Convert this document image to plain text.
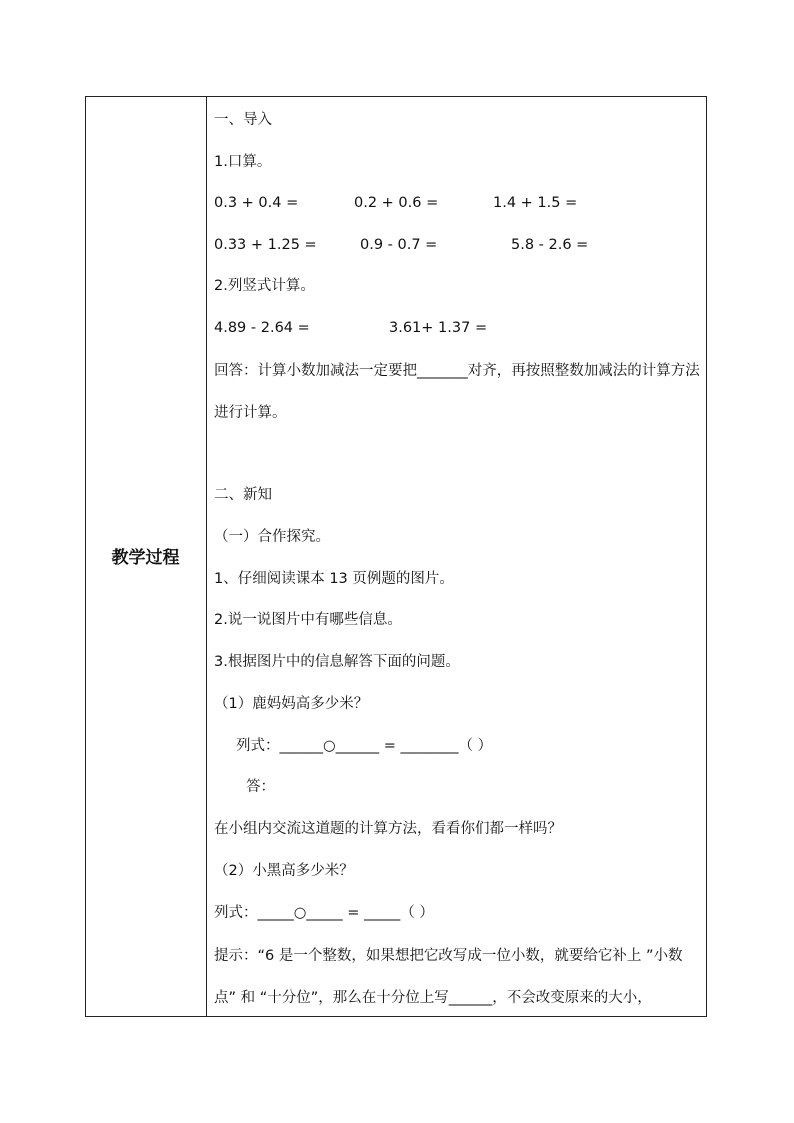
教学过程
一、导入
1.口算。
0.3 + 0.4 =	0.2 + 0.6 =	1.4 + 1.5 =
0.33 + 1.25 =	0.9 - 0.7 =	5.8 - 2.6 =
2.列竖式计算。
4.89 - 2.64 =	3.61+ 1.37 =
回答：计算小数加减法一定要把_______对齐，再按照整数加减法的计算方法进行计算。
二、新知
（一）合作探究。
1、仔细阅读课本 13 页例题的图片。
2.说一说图片中有哪些信息。
3.根据图片中的信息解答下面的问题。
（1）鹿妈妈高多少米？
列式：______○______ = ________（ ）
答：
在小组内交流这道题的计算方法，看看你们都一样吗？
（2）小黑高多少米？
列式：_____○_____ = _____（ ）
提示：“6 是一个整数，如果想把它改写成一位小数，就要给它补上 ”小数点” 和 “十分位”，那么在十分位上写______，不会改变原来的大小，
